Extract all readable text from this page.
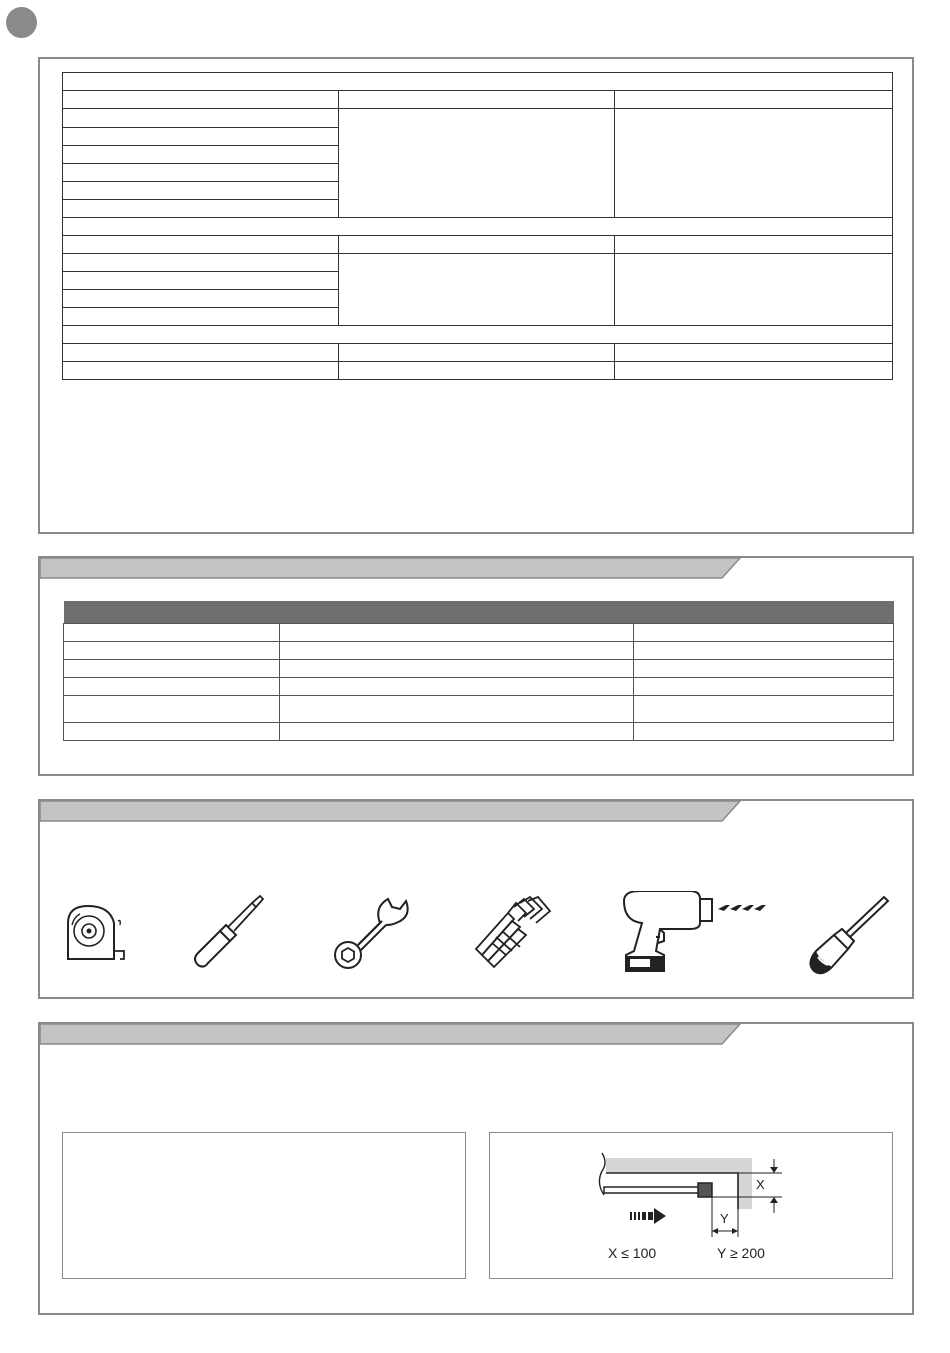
X
Y
X ≤ 100	Y ≥ 200
